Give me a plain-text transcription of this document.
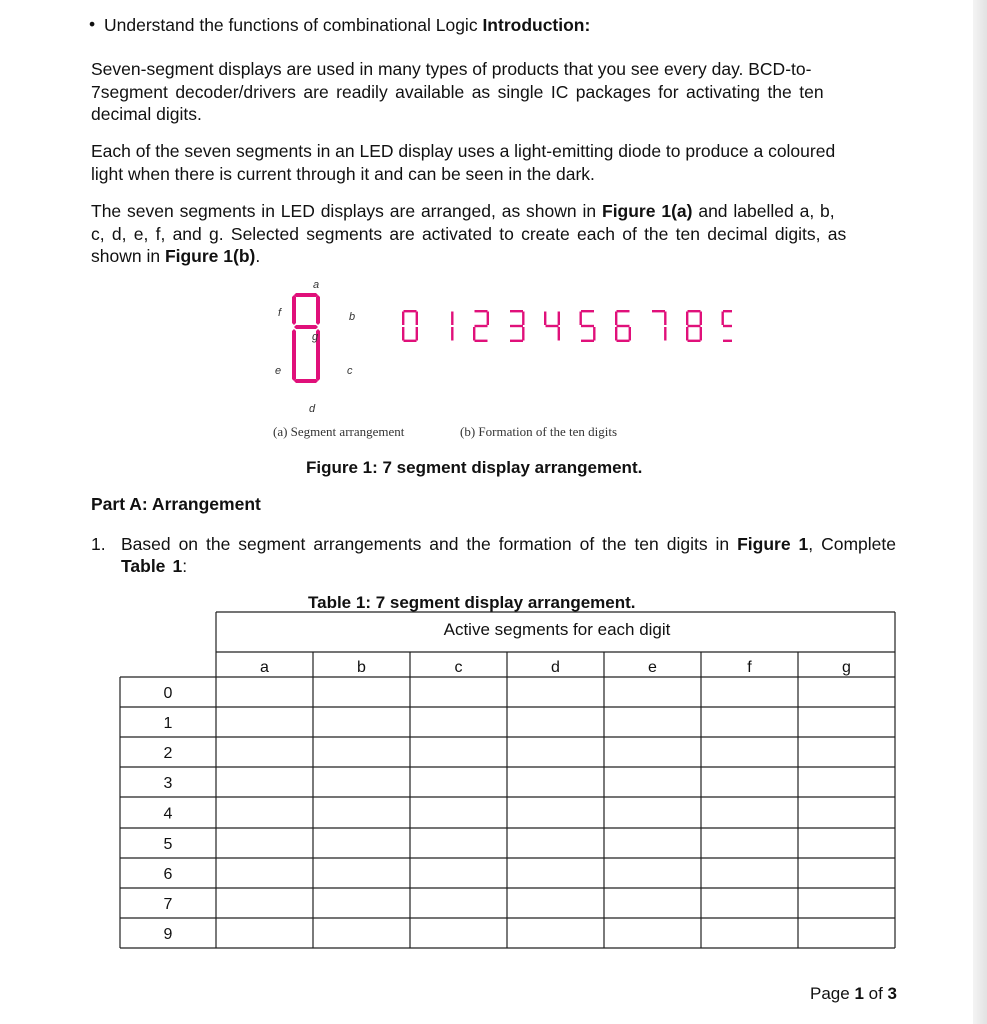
• Understand the functions of combinational Logic Introduction:
Seven-segment displays are used in many types of products that you see every day. BCD-to-
7segment decoder/drivers are readily available as single IC packages for activating the ten
decimal digits.
Each of the seven segments in an LED display uses a light-emitting diode to produce a coloured
light when there is current through it and can be seen in the dark.
The seven segments in LED displays are arranged, as shown in Figure 1(a) and labelled a, b,
c, d, e, f, and g. Selected segments are activated to create each of the ten decimal digits, as
shown in Figure 1(b).
a
b
c
d
e
f
g
(a) Segment arrangement	(b) Formation of the ten digits
Figure 1: 7 segment display arrangement.
Part A: Arrangement
1. Based on the segment arrangements and the formation of the ten digits in Figure 1, Complete Table 1:
Table 1: 7 segment display arrangement.
Active segments for each digit
a	b	c	d	e	f	g
0
1
2
3
4
5
6
7
9
Page 1 of 3
